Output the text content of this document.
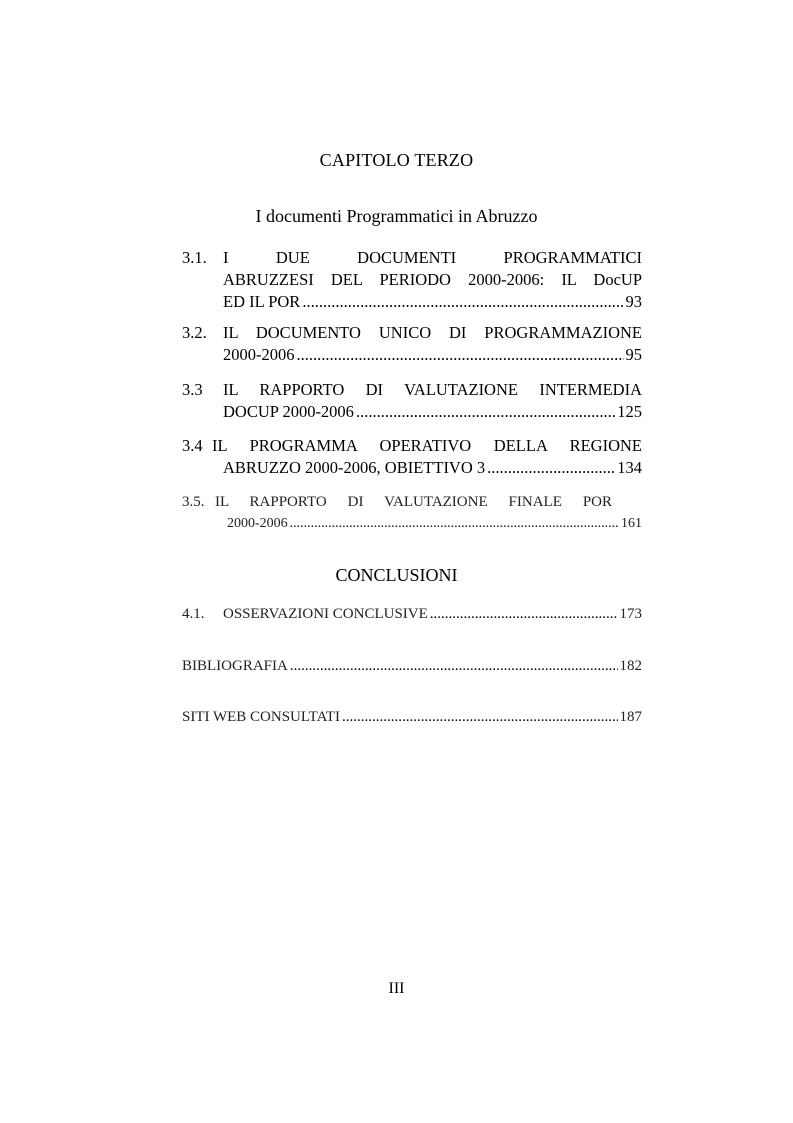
CAPITOLO TERZO
I documenti Programmatici in Abruzzo
3.1. I DUE DOCUMENTI PROGRAMMATICI
ABRUZZESI DEL PERIODO 2000-2006: IL DocUP
ED IL POR .....	93
3.2. IL DOCUMENTO UNICO DI PROGRAMMAZIONE
2000-2006 .....	95
3.3 IL RAPPORTO DI VALUTAZIONE INTERMEDIA
DOCUP 2000-2006 .....	125
3.4 IL PROGRAMMA OPERATIVO DELLA REGIONE
ABRUZZO 2000-2006, OBIETTIVO 3 .....	134
3.5. IL RAPPORTO DI VALUTAZIONE FINALE POR
2000-2006 .....	161
CONCLUSIONI
4.1. OSSERVAZIONI CONCLUSIVE .....	173
BIBLIOGRAFIA .....	182
SITI WEB CONSULTATI .....	187
III
